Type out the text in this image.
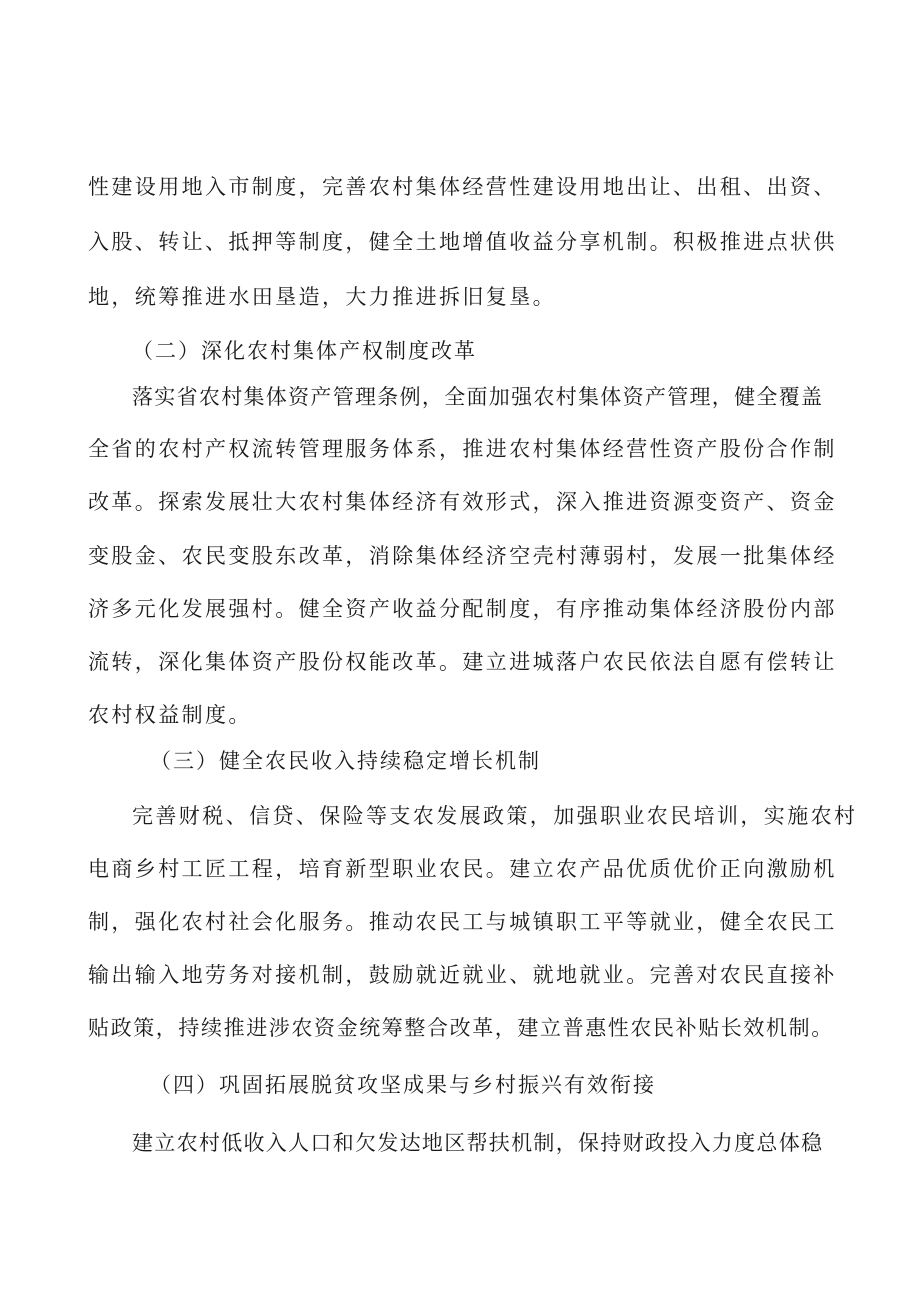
性建设用地入市制度，完善农村集体经营性建设用地出让、出租、出资、
入股、转让、抵押等制度，健全土地增值收益分享机制。积极推进点状供
地，统筹推进水田垦造，大力推进拆旧复垦。
（二）深化农村集体产权制度改革
落实省农村集体资产管理条例，全面加强农村集体资产管理，健全覆盖
全省的农村产权流转管理服务体系，推进农村集体经营性资产股份合作制
改革。探索发展壮大农村集体经济有效形式，深入推进资源变资产、资金
变股金、农民变股东改革，消除集体经济空壳村薄弱村，发展一批集体经
济多元化发展强村。健全资产收益分配制度，有序推动集体经济股份内部
流转，深化集体资产股份权能改革。建立进城落户农民依法自愿有偿转让
农村权益制度。
（三）健全农民收入持续稳定增长机制
完善财税、信贷、保险等支农发展政策，加强职业农民培训，实施农村
电商乡村工匠工程，培育新型职业农民。建立农产品优质优价正向激励机
制，强化农村社会化服务。推动农民工与城镇职工平等就业，健全农民工
输出输入地劳务对接机制，鼓励就近就业、就地就业。完善对农民直接补
贴政策，持续推进涉农资金统筹整合改革，建立普惠性农民补贴长效机制。
（四）巩固拓展脱贫攻坚成果与乡村振兴有效衔接
建立农村低收入人口和欠发达地区帮扶机制，保持财政投入力度总体稳
